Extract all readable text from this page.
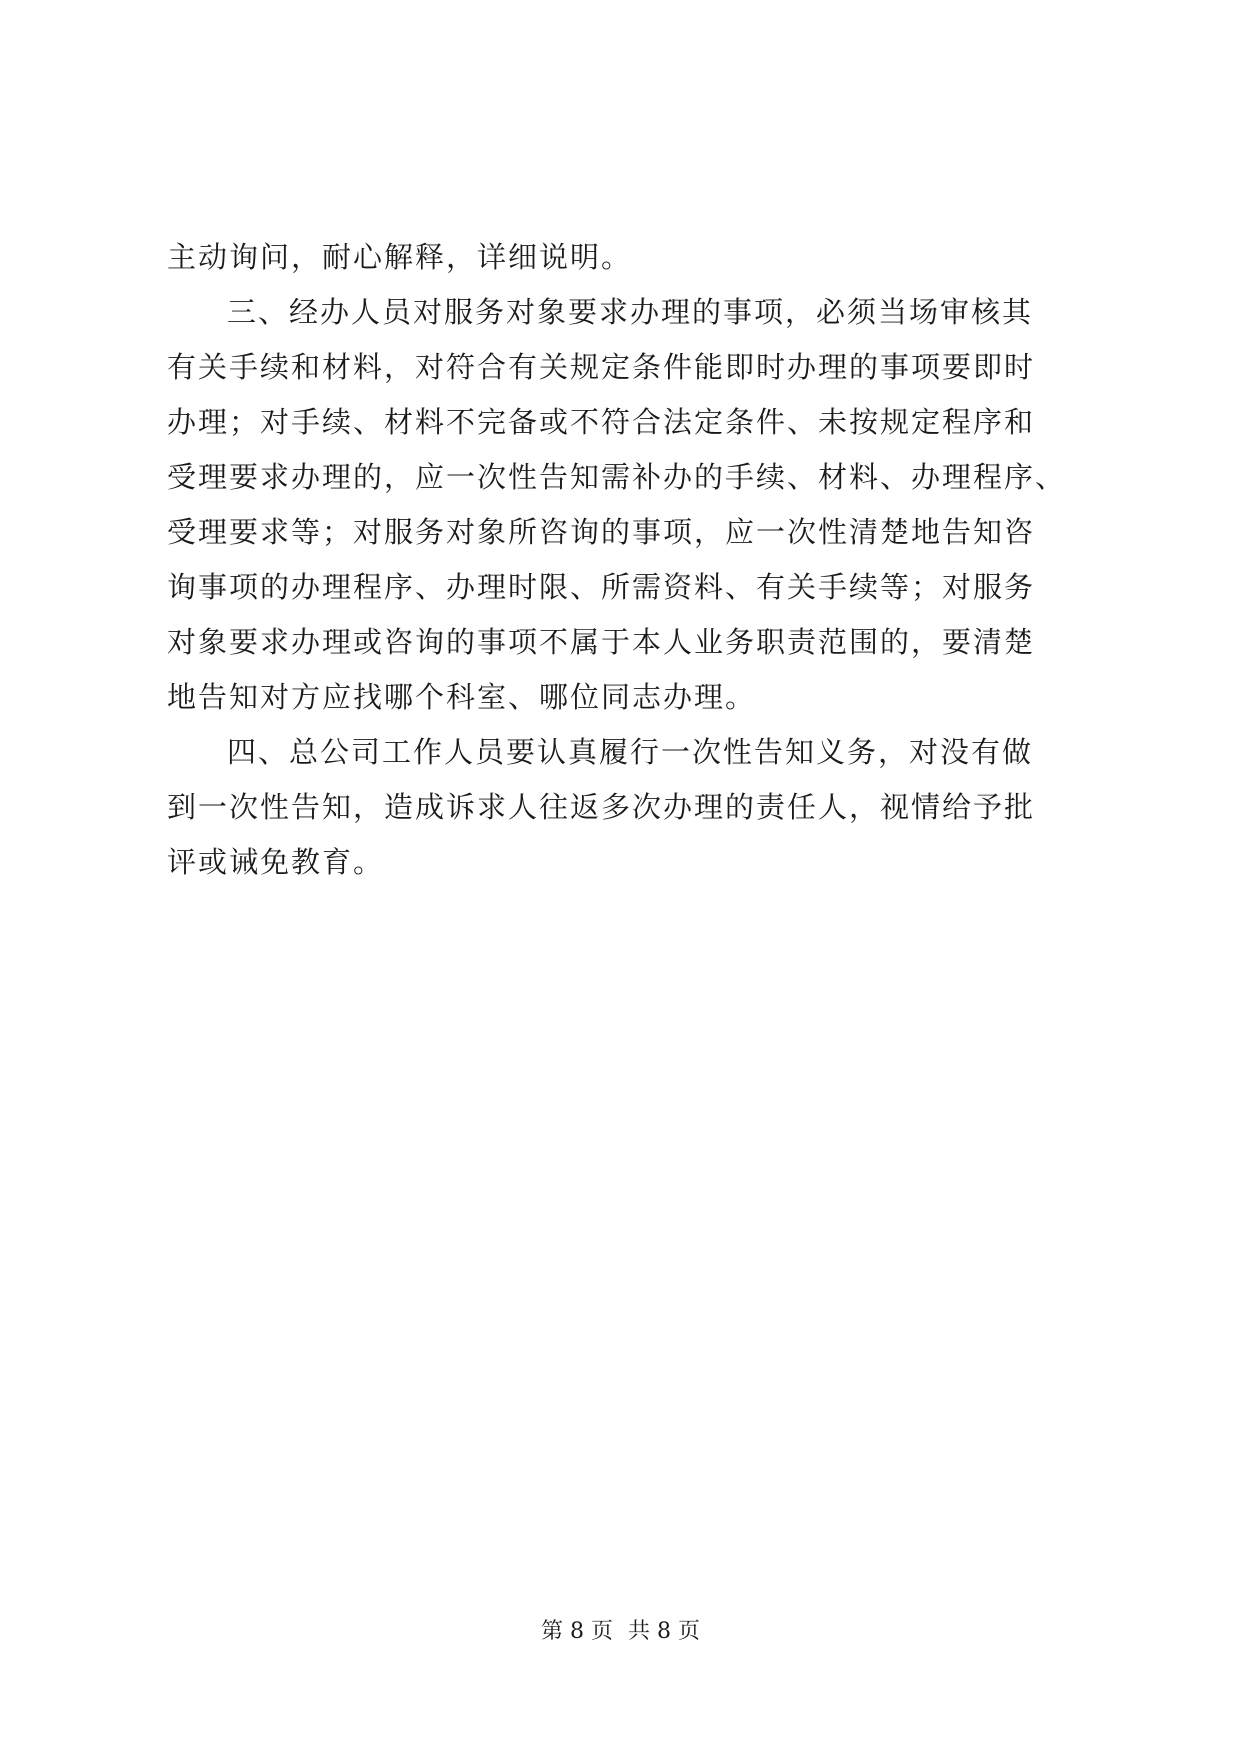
主动询问，耐心解释，详细说明。
三、经办人员对服务对象要求办理的事项，必须当场审核其
有关手续和材料，对符合有关规定条件能即时办理的事项要即时
办理；对手续、材料不完备或不符合法定条件、未按规定程序和
受理要求办理的，应一次性告知需补办的手续、材料、办理程序、
受理要求等；对服务对象所咨询的事项，应一次性清楚地告知咨
询事项的办理程序、办理时限、所需资料、有关手续等；对服务
对象要求办理或咨询的事项不属于本人业务职责范围的，要清楚
地告知对方应找哪个科室、哪位同志办理。
四、总公司工作人员要认真履行一次性告知义务，对没有做
到一次性告知，造成诉求人往返多次办理的责任人，视情给予批
评或诫免教育。
第 8 页 共 8 页
